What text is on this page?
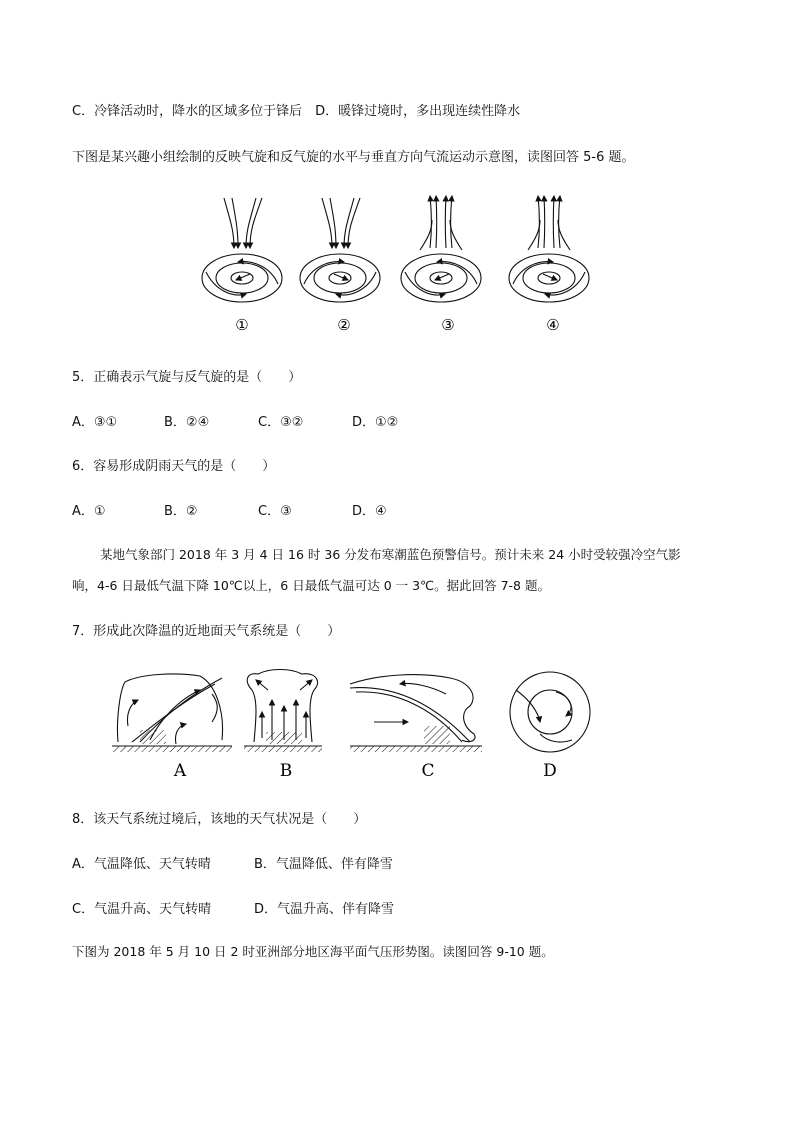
C．冷锋活动时，降水的区域多位于锋后　D．暖锋过境时，多出现连续性降水
下图是某兴趣小组绘制的反映气旋和反气旋的水平与垂直方向气流运动示意图，读图回答 5-6 题。
①	②	③	④
5．正确表示气旋与反气旋的是（　　）
A．③①	B．②④	C．③②	D．①②
6．容易形成阴雨天气的是（　　）
A．①	B．②	C．③	D．④
某地气象部门 2018 年 3 月 4 日 16 时 36 分发布寒潮蓝色预警信号。预计未来 24 小时受较强冷空气影
响，4-6 日最低气温下降 10℃以上，6 日最低气温可达 0 一 3℃。据此回答 7-8 题。
7．形成此次降温的近地面天气系统是（　　）
A	B	C	D
8．该天气系统过境后，该地的天气状况是（　　）
A．气温降低、天气转晴	B．气温降低、伴有降雪
C．气温升高、天气转晴	D．气温升高、伴有降雪
下图为 2018 年 5 月 10 日 2 时亚洲部分地区海平面气压形势图。读图回答 9-10 题。
